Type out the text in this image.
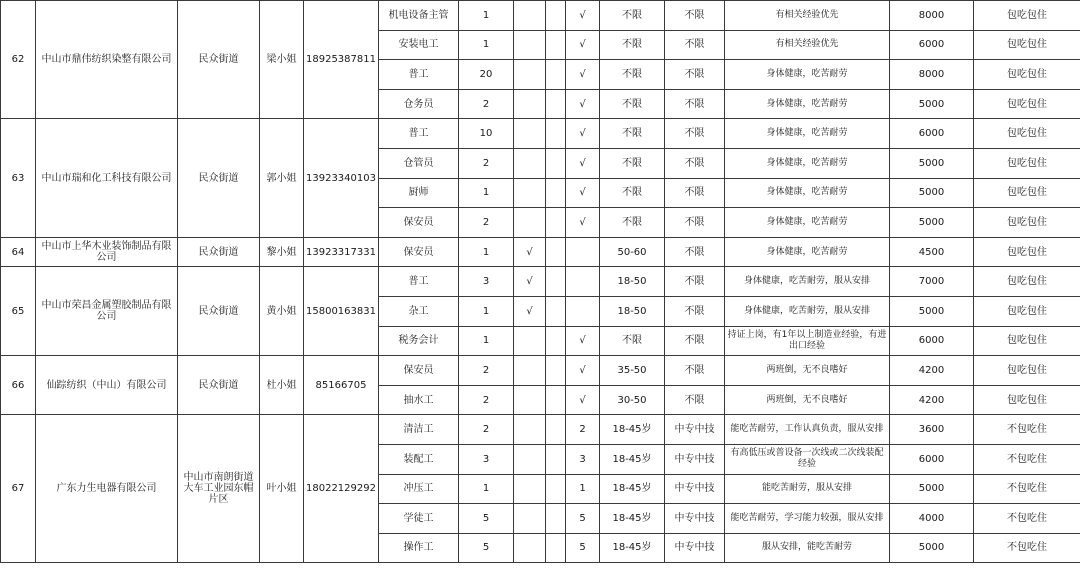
62	中山市鼎伟纺织染整有限公司	民众街道	梁小姐	18925387811	机电设备主管	1			√	不限	不限	有相关经验优先	8000	包吃包住
					安装电工	1			√	不限	不限	有相关经验优先	6000	包吃包住
					普工	20			√	不限	不限	身体健康，吃苦耐劳	8000	包吃包住
					仓务员	2			√	不限	不限	身体健康，吃苦耐劳	5000	包吃包住
63	中山市瑞和化工科技有限公司	民众街道	郭小姐	13923340103	普工	10			√	不限	不限	身体健康，吃苦耐劳	6000	包吃包住
					仓管员	2			√	不限	不限	身体健康，吃苦耐劳	5000	包吃包住
					厨师	1			√	不限	不限	身体健康，吃苦耐劳	5000	包吃包住
					保安员	2			√	不限	不限	身体健康，吃苦耐劳	5000	包吃包住
64	中山市上华木业装饰制品有限公司	民众街道	黎小姐	13923317331	保安员	1	√			50-60	不限	身体健康，吃苦耐劳	4500	包吃包住
65	中山市荣昌金属塑胶制品有限公司	民众街道	黄小姐	15800163831	普工	3	√			18-50	不限	身体健康，吃苦耐劳，服从安排	7000	包吃包住
					杂工	1	√			18-50	不限	身体健康，吃苦耐劳，服从安排	5000	包吃包住
					税务会计	1			√	不限	不限	持证上岗，有1年以上制造业经验，有进出口经验	6000	包吃包住
66	仙踪纺织（中山）有限公司	民众街道	杜小姐	85166705	保安员	2			√	35-50	不限	两班倒，无不良嗜好	4200	包吃包住
					抽水工	2			√	30-50	不限	两班倒，无不良嗜好	4200	包吃包住
67	广东力生电器有限公司	中山市南朗街道大车工业园东帽片区	叶小姐	18022129292	清洁工	2			2	18-45岁	中专中技	能吃苦耐劳，工作认真负责，服从安排	3600	不包吃住
					装配工	3			3	18-45岁	中专中技	有高低压或普设备一次线或二次线装配经验	6000	不包吃住
					冲压工	1			1	18-45岁	中专中技	能吃苦耐劳，服从安排	5000	不包吃住
					学徒工	5			5	18-45岁	中专中技	能吃苦耐劳，学习能力较强，服从安排	4000	不包吃住
					操作工	5			5	18-45岁	中专中技	服从安排，能吃苦耐劳	5000	不包吃住
